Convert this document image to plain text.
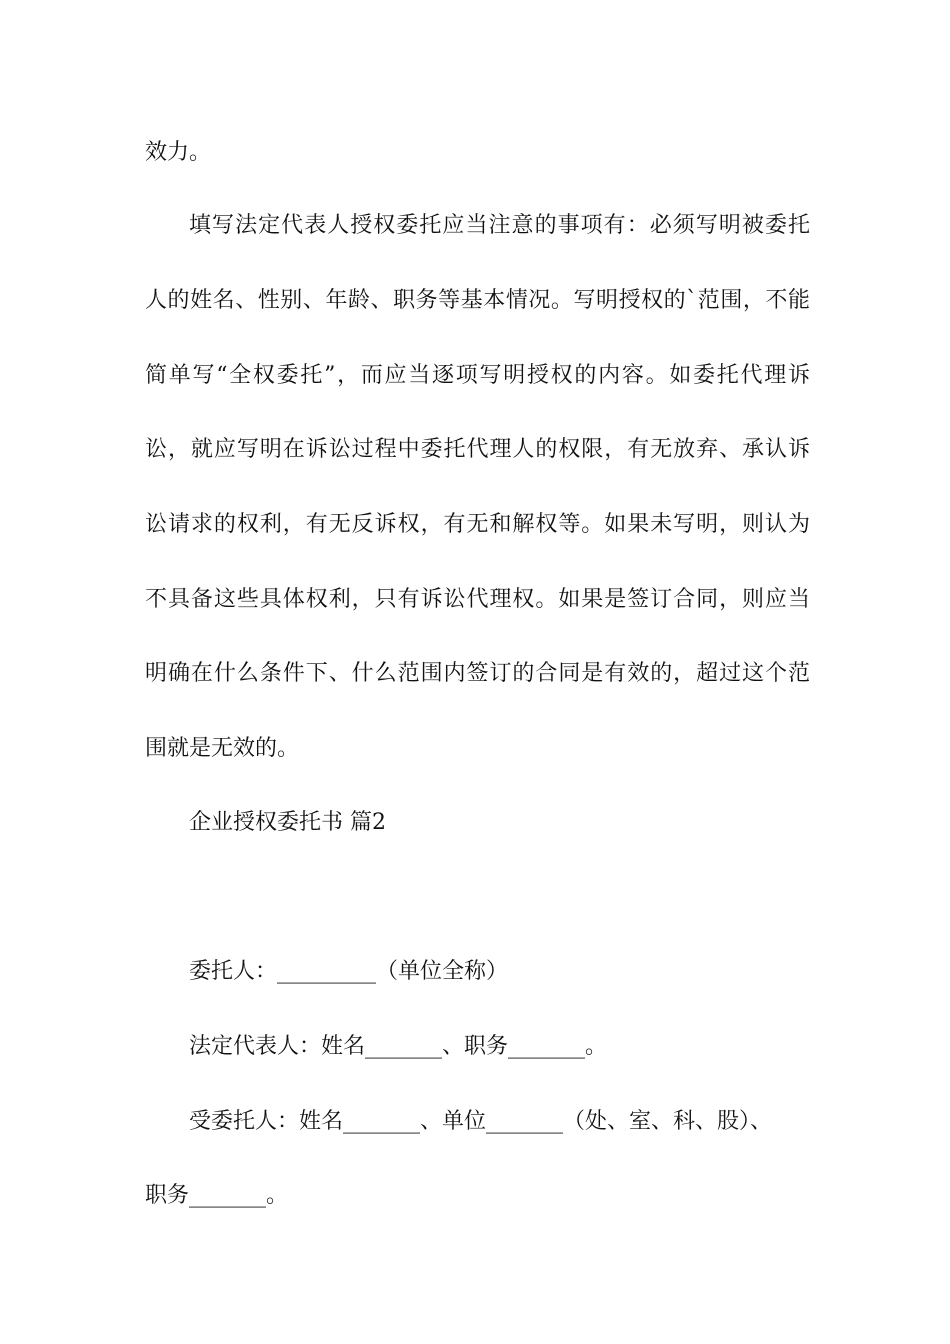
效力。
填写法定代表人授权委托应当注意的事项有：必须写明被委托
人的姓名、性别、年龄、职务等基本情况。写明授权的`范围，不能
简单写“全权委托”，而应当逐项写明授权的内容。如委托代理诉
讼，就应写明在诉讼过程中委托代理人的权限，有无放弃、承认诉
讼请求的权利，有无反诉权，有无和解权等。如果未写明，则认为
不具备这些具体权利，只有诉讼代理权。如果是签订合同，则应当
明确在什么条件下、什么范围内签订的合同是有效的，超过这个范
围就是无效的。
企业授权委托书 篇2
委托人：_________（单位全称）
法定代表人：姓名_______、职务_______。
受委托人：姓名_______、单位_______（处、室、科、股）、
职务_______。
